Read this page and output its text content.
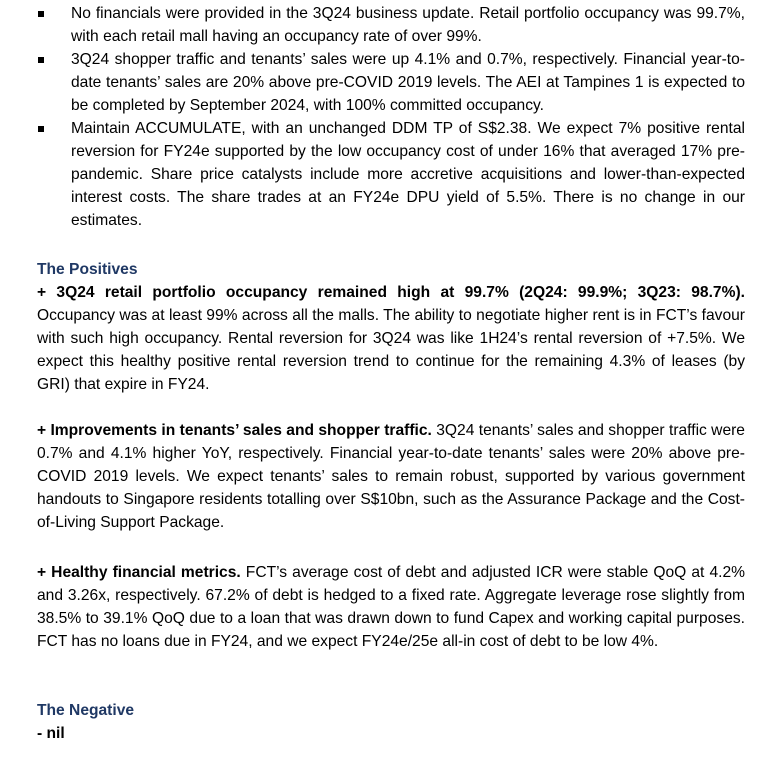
No financials were provided in the 3Q24 business update. Retail portfolio occupancy was 99.7%, with each retail mall having an occupancy rate of over 99%.
3Q24 shopper traffic and tenants’ sales were up 4.1% and 0.7%, respectively. Financial year-to-date tenants’ sales are 20% above pre-COVID 2019 levels. The AEI at Tampines 1 is expected to be completed by September 2024, with 100% committed occupancy.
Maintain ACCUMULATE, with an unchanged DDM TP of S$2.38. We expect 7% positive rental reversion for FY24e supported by the low occupancy cost of under 16% that averaged 17% pre-pandemic. Share price catalysts include more accretive acquisitions and lower-than-expected interest costs. The share trades at an FY24e DPU yield of 5.5%. There is no change in our estimates.
The Positives
+ 3Q24 retail portfolio occupancy remained high at 99.7% (2Q24: 99.9%; 3Q23: 98.7%). Occupancy was at least 99% across all the malls. The ability to negotiate higher rent is in FCT’s favour with such high occupancy. Rental reversion for 3Q24 was like 1H24’s rental reversion of +7.5%. We expect this healthy positive rental reversion trend to continue for the remaining 4.3% of leases (by GRI) that expire in FY24.
+ Improvements in tenants’ sales and shopper traffic. 3Q24 tenants’ sales and shopper traffic were 0.7% and 4.1% higher YoY, respectively. Financial year-to-date tenants’ sales were 20% above pre-COVID 2019 levels. We expect tenants’ sales to remain robust, supported by various government handouts to Singapore residents totalling over S$10bn, such as the Assurance Package and the Cost-of-Living Support Package.
+ Healthy financial metrics. FCT’s average cost of debt and adjusted ICR were stable QoQ at 4.2% and 3.26x, respectively. 67.2% of debt is hedged to a fixed rate. Aggregate leverage rose slightly from 38.5% to 39.1% QoQ due to a loan that was drawn down to fund Capex and working capital purposes. FCT has no loans due in FY24, and we expect FY24e/25e all-in cost of debt to be low 4%.
The Negative
- nil
